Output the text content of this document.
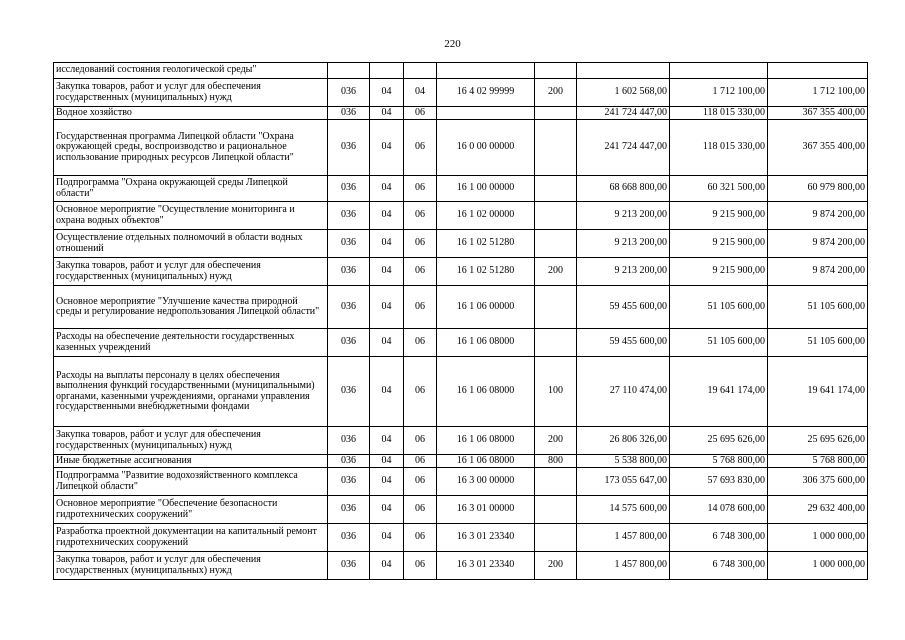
220
исследований состояния геологической среды"								
Закупка товаров, работ и услуг для обеспечения государственных (муниципальных) нужд	036	04	04	16 4 02 99999	200	1 602 568,00	1 712 100,00	1 712 100,00
Водное хозяйство	036	04	06			241 724 447,00	118 015 330,00	367 355 400,00
Государственная программа Липецкой области "Охрана окружающей среды, воспроизводство и рациональное использование природных ресурсов Липецкой области"	036	04	06	16 0 00 00000		241 724 447,00	118 015 330,00	367 355 400,00
Подпрограмма "Охрана окружающей среды Липецкой области"	036	04	06	16 1 00 00000		68 668 800,00	60 321 500,00	60 979 800,00
Основное мероприятие "Осуществление мониторинга и охрана водных объектов"	036	04	06	16 1 02 00000		9 213 200,00	9 215 900,00	9 874 200,00
Осуществление отдельных полномочий в области водных отношений	036	04	06	16 1 02 51280		9 213 200,00	9 215 900,00	9 874 200,00
Закупка товаров, работ и услуг для обеспечения государственных (муниципальных) нужд	036	04	06	16 1 02 51280	200	9 213 200,00	9 215 900,00	9 874 200,00
Основное мероприятие "Улучшение качества природной среды и регулирование недропользования Липецкой области"	036	04	06	16 1 06 00000		59 455 600,00	51 105 600,00	51 105 600,00
Расходы на обеспечение деятельности государственных казенных учреждений	036	04	06	16 1 06 08000		59 455 600,00	51 105 600,00	51 105 600,00
Расходы на выплаты персоналу в целях обеспечения выполнения функций государственными (муниципальными) органами, казенными учреждениями, органами управления государственными внебюджетными фондами	036	04	06	16 1 06 08000	100	27 110 474,00	19 641 174,00	19 641 174,00
Закупка товаров, работ и услуг для обеспечения государственных (муниципальных) нужд	036	04	06	16 1 06 08000	200	26 806 326,00	25 695 626,00	25 695 626,00
Иные бюджетные ассигнования	036	04	06	16 1 06 08000	800	5 538 800,00	5 768 800,00	5 768 800,00
Подпрограмма "Развитие водохозяйственного комплекса Липецкой области"	036	04	06	16 3 00 00000		173 055 647,00	57 693 830,00	306 375 600,00
Основное мероприятие "Обеспечение безопасности гидротехнических сооружений"	036	04	06	16 3 01 00000		14 575 600,00	14 078 600,00	29 632 400,00
Разработка проектной документации на капитальный ремонт гидротехнических сооружений	036	04	06	16 3 01 23340		1 457 800,00	6 748 300,00	1 000 000,00
Закупка товаров, работ и услуг для обеспечения государственных (муниципальных) нужд	036	04	06	16 3 01 23340	200	1 457 800,00	6 748 300,00	1 000 000,00
